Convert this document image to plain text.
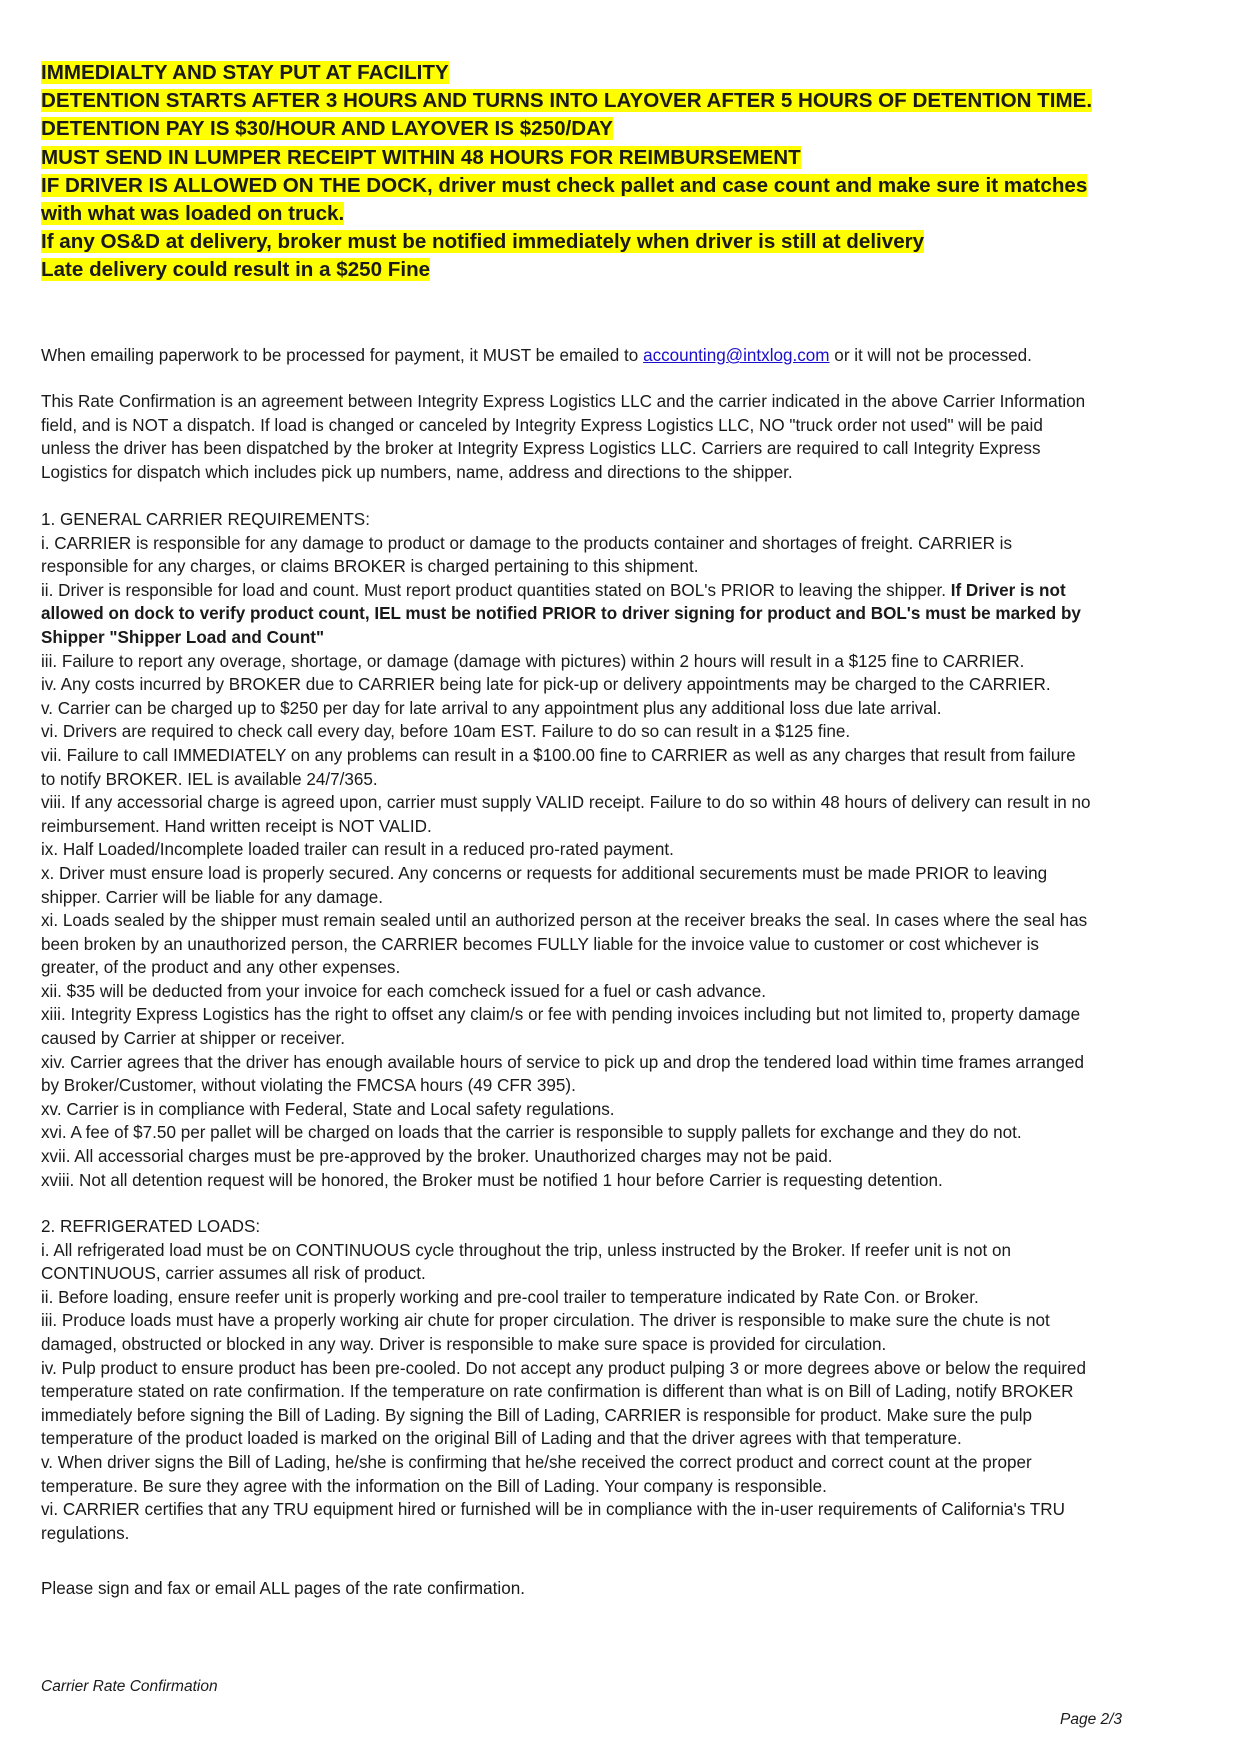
IMMEDIALTY AND STAY PUT AT FACILITY
DETENTION STARTS AFTER 3 HOURS AND TURNS INTO LAYOVER AFTER 5 HOURS OF DETENTION TIME.
DETENTION PAY IS $30/HOUR AND LAYOVER IS $250/DAY
MUST SEND IN LUMPER RECEIPT WITHIN 48 HOURS FOR REIMBURSEMENT
IF DRIVER IS ALLOWED ON THE DOCK, driver must check pallet and case count and make sure it matches
with what was loaded on truck.
If any OS&D at delivery, broker must be notified immediately when driver is still at delivery
Late delivery could result in a $250 Fine

When emailing paperwork to be processed for payment, it MUST be emailed to accounting@intxlog.com or it will not be processed.

This Rate Confirmation is an agreement between Integrity Express Logistics LLC and the carrier indicated in the above Carrier Information

field, and is NOT a dispatch. If load is changed or canceled by Integrity Express Logistics LLC, NO "truck order not used" will be paid

unless the driver has been dispatched by the broker at Integrity Express Logistics LLC. Carriers are required to call Integrity Express

Logistics for dispatch which includes pick up numbers, name, address and directions to the shipper.

1. GENERAL CARRIER REQUIREMENTS:

i. CARRIER is responsible for any damage to product or damage to the products container and shortages of freight. CARRIER is

responsible for any charges, or claims BROKER is charged pertaining to this shipment.

ii. Driver is responsible for load and count. Must report product quantities stated on BOL's PRIOR to leaving the shipper. If Driver is not

allowed on dock to verify product count, IEL must be notified PRIOR to driver signing for product and BOL's must be marked by

Shipper "Shipper Load and Count"

iii. Failure to report any overage, shortage, or damage (damage with pictures) within 2 hours will result in a $125 fine to CARRIER.

iv. Any costs incurred by BROKER due to CARRIER being late for pick-up or delivery appointments may be charged to the CARRIER.

v. Carrier can be charged up to $250 per day for late arrival to any appointment plus any additional loss due late arrival.

vi. Drivers are required to check call every day, before 10am EST. Failure to do so can result in a $125 fine.

vii. Failure to call IMMEDIATELY on any problems can result in a $100.00 fine to CARRIER as well as any charges that result from failure

to notify BROKER. IEL is available 24/7/365.

viii. If any accessorial charge is agreed upon, carrier must supply VALID receipt. Failure to do so within 48 hours of delivery can result in no

reimbursement. Hand written receipt is NOT VALID.

ix. Half Loaded/Incomplete loaded trailer can result in a reduced pro-rated payment.

x. Driver must ensure load is properly secured. Any concerns or requests for additional securements must be made PRIOR to leaving

shipper. Carrier will be liable for any damage.

xi. Loads sealed by the shipper must remain sealed until an authorized person at the receiver breaks the seal. In cases where the seal has

been broken by an unauthorized person, the CARRIER becomes FULLY liable for the invoice value to customer or cost whichever is

greater, of the product and any other expenses.

xii. $35 will be deducted from your invoice for each comcheck issued for a fuel or cash advance.

xiii. Integrity Express Logistics has the right to offset any claim/s or fee with pending invoices including but not limited to, property damage

caused by Carrier at shipper or receiver.

xiv. Carrier agrees that the driver has enough available hours of service to pick up and drop the tendered load within time frames arranged

by Broker/Customer, without violating the FMCSA hours (49 CFR 395).

xv. Carrier is in compliance with Federal, State and Local safety regulations.

xvi. A fee of $7.50 per pallet will be charged on loads that the carrier is responsible to supply pallets for exchange and they do not.

xvii. All accessorial charges must be pre-approved by the broker. Unauthorized charges may not be paid.

xviii. Not all detention request will be honored, the Broker must be notified 1 hour before Carrier is requesting detention.

2. REFRIGERATED LOADS:

i. All refrigerated load must be on CONTINUOUS cycle throughout the trip, unless instructed by the Broker. If reefer unit is not on

CONTINUOUS, carrier assumes all risk of product.

ii. Before loading, ensure reefer unit is properly working and pre-cool trailer to temperature indicated by Rate Con. or Broker.

iii. Produce loads must have a properly working air chute for proper circulation. The driver is responsible to make sure the chute is not

damaged, obstructed or blocked in any way. Driver is responsible to make sure space is provided for circulation.

iv. Pulp product to ensure product has been pre-cooled. Do not accept any product pulping 3 or more degrees above or below the required

temperature stated on rate confirmation. If the temperature on rate confirmation is different than what is on Bill of Lading, notify BROKER

immediately before signing the Bill of Lading. By signing the Bill of Lading, CARRIER is responsible for product. Make sure the pulp

temperature of the product loaded is marked on the original Bill of Lading and that the driver agrees with that temperature.

v. When driver signs the Bill of Lading, he/she is confirming that he/she received the correct product and correct count at the proper

temperature. Be sure they agree with the information on the Bill of Lading. Your company is responsible.

vi. CARRIER certifies that any TRU equipment hired or furnished will be in compliance with the in-user requirements of California's TRU

regulations.

Please sign and fax or email ALL pages of the rate confirmation.

Carrier Rate Confirmation
Page 2/3
